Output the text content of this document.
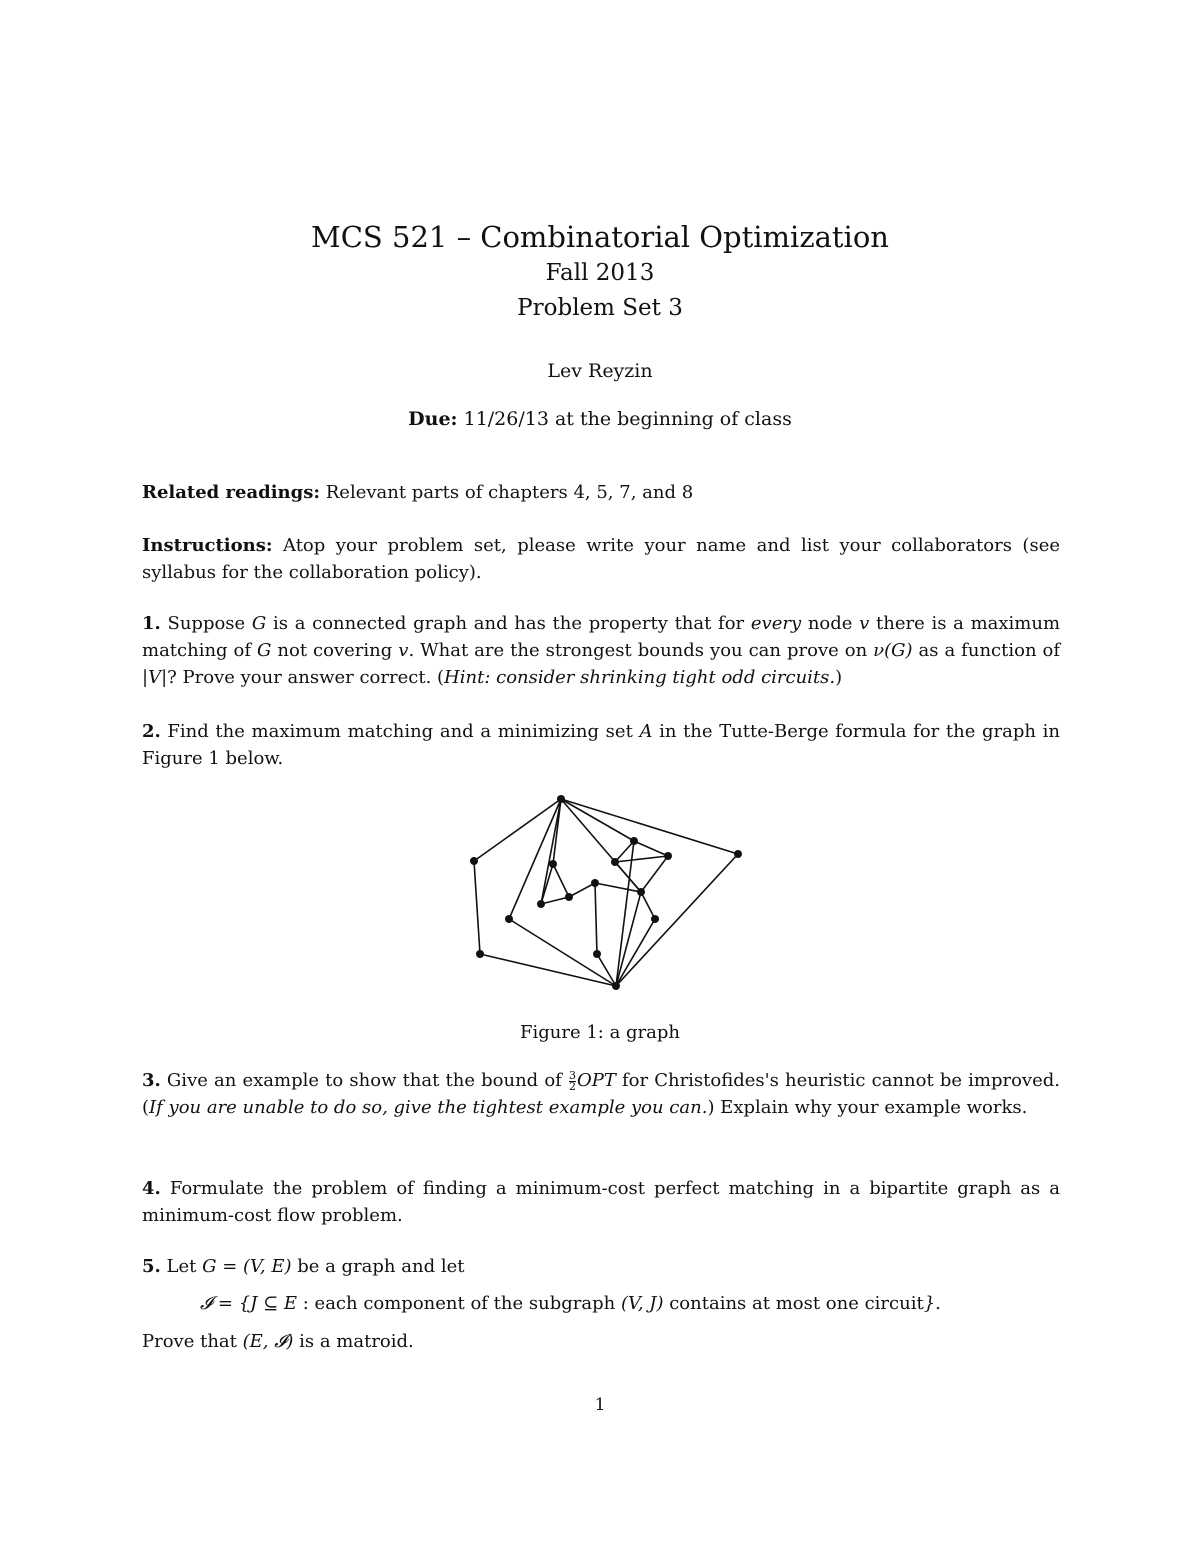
MCS 521 – Combinatorial Optimization
Fall 2013
Problem Set 3
Lev Reyzin
Due: 11/26/13 at the beginning of class
Related readings: Relevant parts of chapters 4, 5, 7, and 8
Instructions: Atop your problem set, please write your name and list your collaborators (see syllabus for the collaboration policy).
1. Suppose G is a connected graph and has the property that for every node v there is a maximum matching of G not covering v. What are the strongest bounds you can prove on ν(G) as a function of |V|? Prove your answer correct. (Hint: consider shrinking tight odd circuits.)
2. Find the maximum matching and a minimizing set A in the Tutte-Berge formula for the graph in Figure 1 below.
Figure 1: a graph
3. Give an example to show that the bound of $\frac{3}{2}$ OPT for Christofides's heuristic cannot be improved. (If you are unable to do so, give the tightest example you can.) Explain why your example works.
4. Formulate the problem of finding a minimum-cost perfect matching in a bipartite graph as a minimum-cost flow problem.
5. Let G = (V, E) be a graph and let
𝓘 = {J ⊆ E : each component of the subgraph (V, J) contains at most one circuit}.
Prove that (E, 𝓘) is a matroid.
1
